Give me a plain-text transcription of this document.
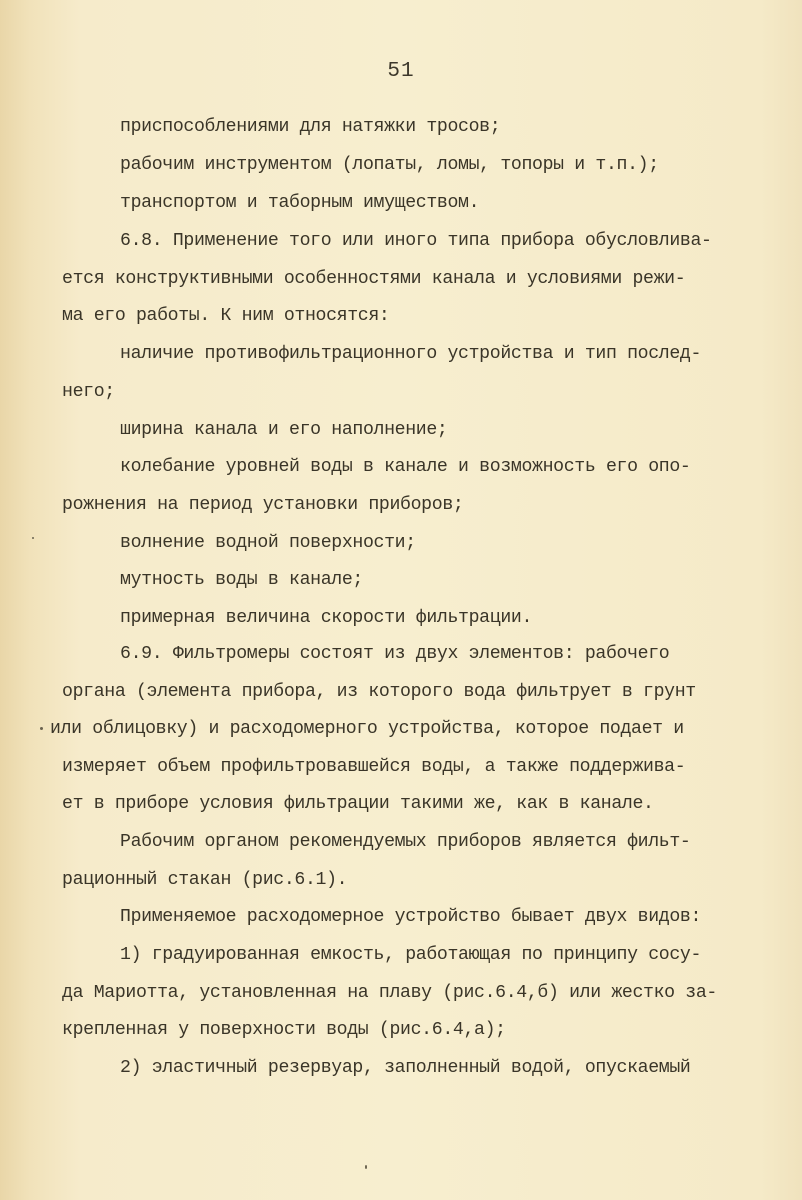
51
приспособлениями для натяжки тросов;
рабочим инструментом (лопаты, ломы, топоры и т.п.);
транспортом и таборным имуществом.
6.8. Применение того или иного типа прибора обусловлива-
ется конструктивными особенностями канала и условиями режи-
ма его работы. К ним относятся:
наличие противофильтрационного устройства и тип послед-
него;
ширина канала и его наполнение;
колебание уровней воды в канале и возможность его опо-
рожнения на период установки приборов;
волнение водной поверхности;
мутность воды в канале;
примерная величина скорости фильтрации.
6.9. Фильтромеры состоят из двух элементов: рабочего
органа (элемента прибора, из которого вода фильтрует в грунт
или облицовку) и расходомерного устройства, которое подает и
измеряет объем профильтровавшейся воды, а также поддержива-
ет в приборе условия фильтрации такими же, как в канале.
Рабочим органом рекомендуемых приборов является фильт-
рационный стакан (рис.6.1).
Применяемое расходомерное устройство бывает двух видов:
1) градуированная емкость, работающая по принципу сосу-
да Мариотта, установленная на плаву (рис.6.4,б) или жестко за-
крепленная у поверхности воды (рис.6.4,а);
2) эластичный резервуар, заполненный водой, опускаемый
